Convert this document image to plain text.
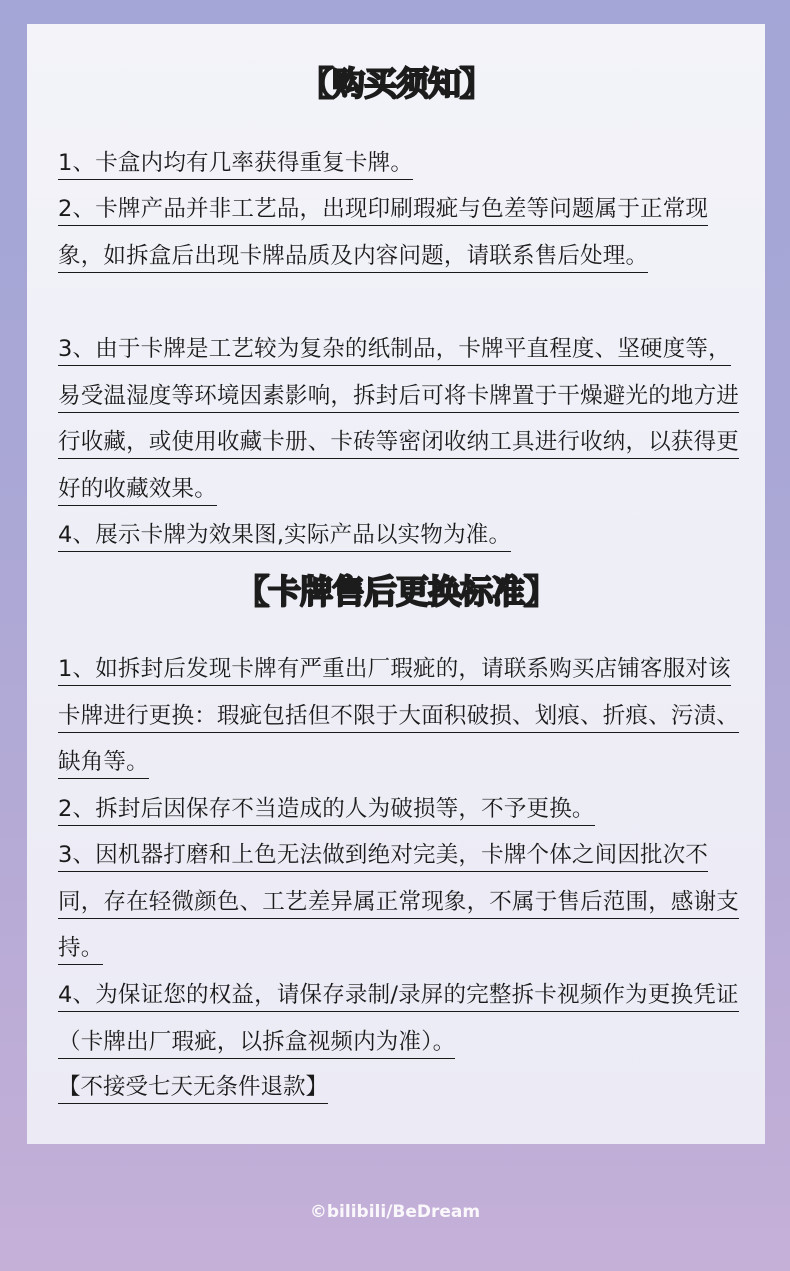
〖购买须知〗
1、卡盒内均有几率获得重复卡牌。
2、卡牌产品并非工艺品，出现印刷瑕疵与色差等问题属于正常现象，如拆盒后出现卡牌品质及内容问题，请联系售后处理。
3、由于卡牌是工艺较为复杂的纸制品，卡牌平直程度、坚硬度等，易受温湿度等环境因素影响，拆封后可将卡牌置于干燥避光的地方进行收藏，或使用收藏卡册、卡砖等密闭收纳工具进行收纳，以获得更好的收藏效果。
4、展示卡牌为效果图,实际产品以实物为准。
〖卡牌售后更换标准〗
1、如拆封后发现卡牌有严重出厂瑕疵的，请联系购买店铺客服对该卡牌进行更换：瑕疵包括但不限于大面积破损、划痕、折痕、污渍、缺角等。
2、拆封后因保存不当造成的人为破损等，不予更换。
3、因机器打磨和上色无法做到绝对完美，卡牌个体之间因批次不同，存在轻微颜色、工艺差异属正常现象，不属于售后范围，感谢支持。
4、为保证您的权益，请保存录制/录屏的完整拆卡视频作为更换凭证（卡牌出厂瑕疵，以拆盒视频内为准）。
【不接受七天无条件退款】
©bilibili/BeDream
